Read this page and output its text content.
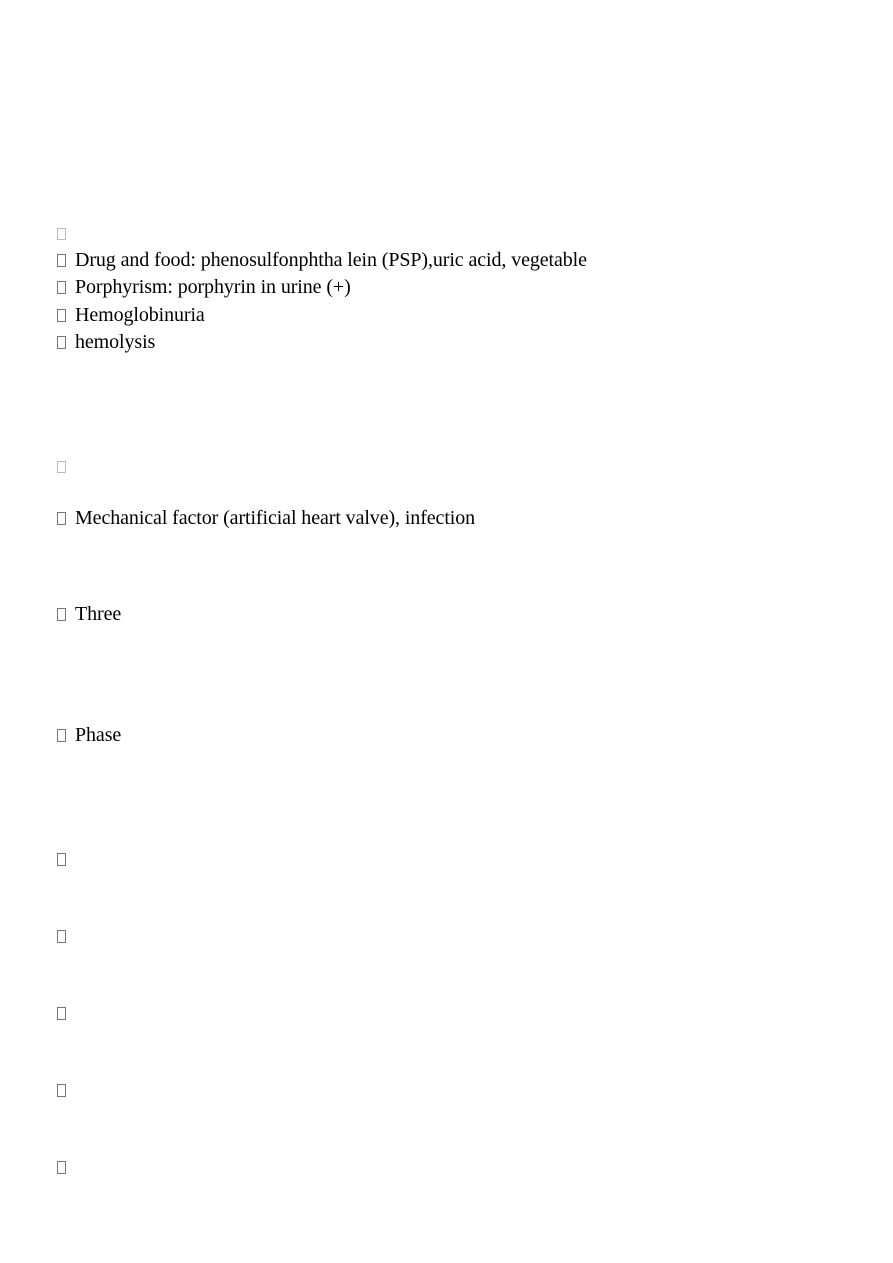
Drug and food: phenosulfonphtha lein (PSP),uric acid, vegetable
Porphyrism: porphyrin in urine (+)
Hemoglobinuria
hemolysis
Mechanical factor (artificial heart valve), infection
Three
Phase
